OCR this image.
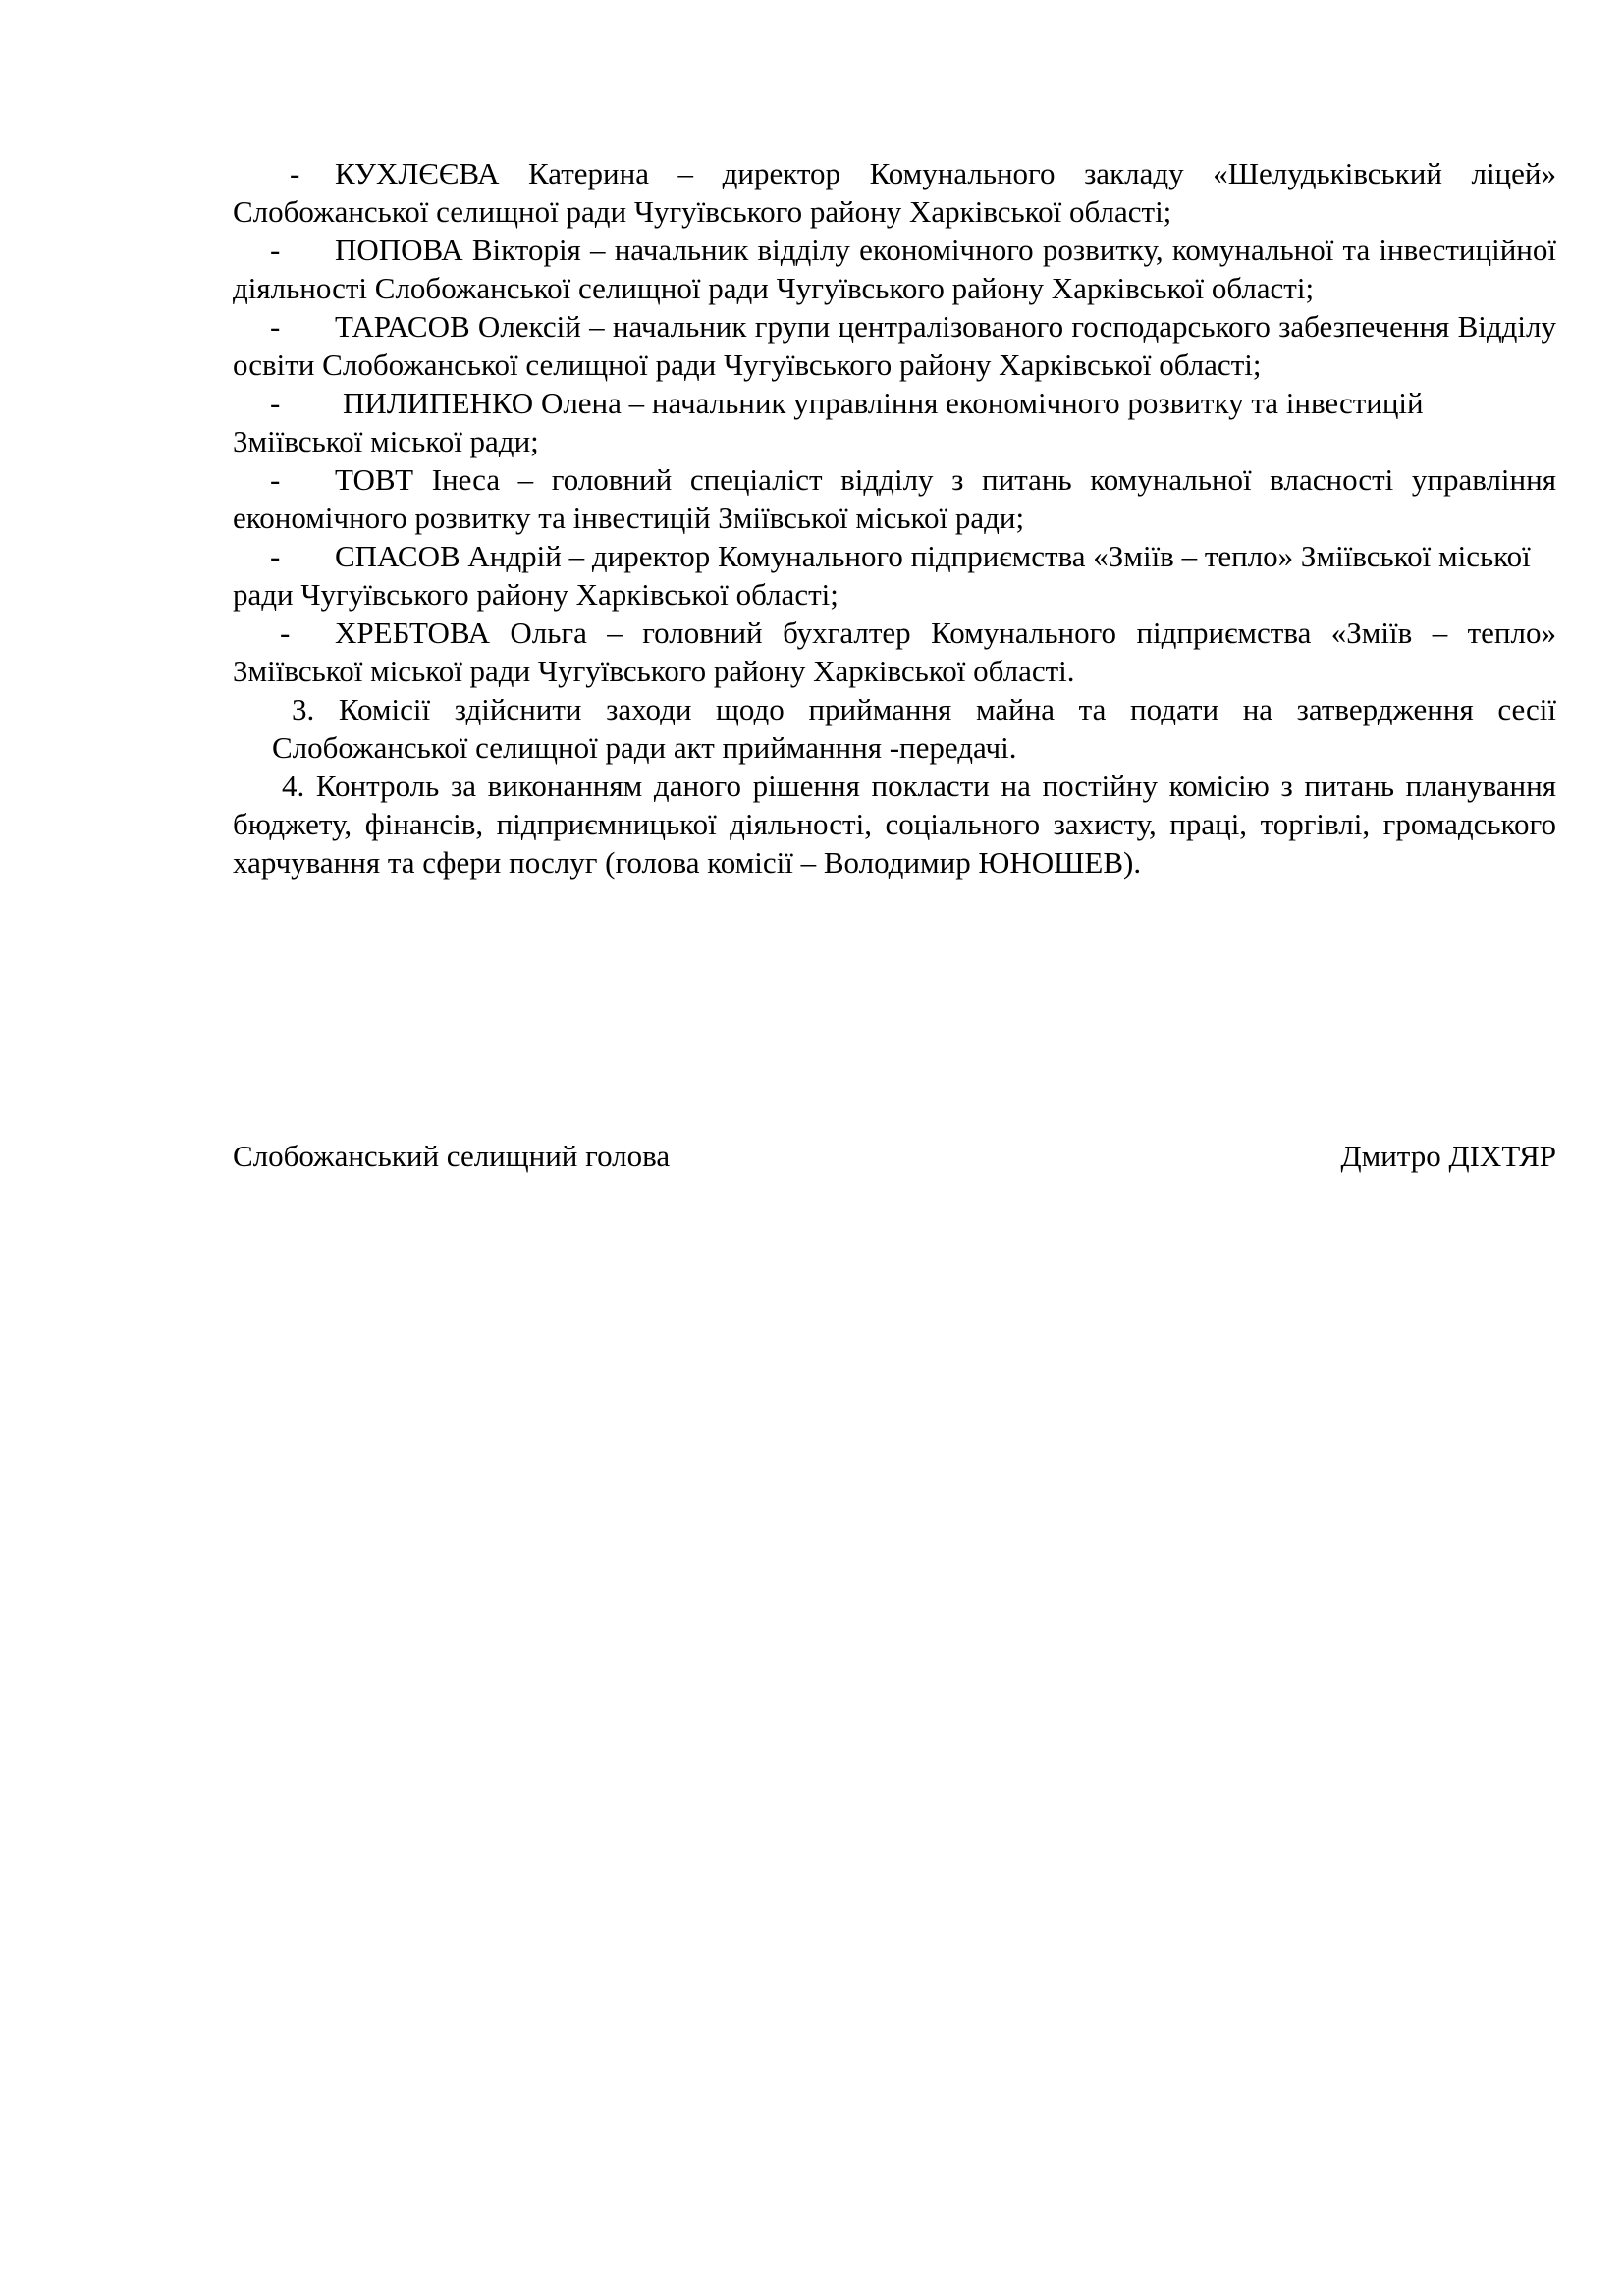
- КУХЛЄЄВА Катерина – директор Комунального закладу «Шелудьківський ліцей» Слобожанської селищної ради Чугуївського району Харківської області;

- ПОПОВА Вікторія – начальник відділу економічного розвитку, комунальної та інвестиційної діяльності Слобожанської селищної ради Чугуївського району Харківської області;

- ТАРАСОВ Олексій – начальник групи централізованого господарського забезпечення Відділу освіти Слобожанської селищної ради Чугуївського району Харківської області;

- ПИЛИПЕНКО Олена – начальник управління економічного розвитку та інвестицій Зміївської міської ради;

- ТОВТ Інеса – головний спеціаліст відділу з питань комунальної власності управління економічного розвитку та інвестицій Зміївської міської ради;

- СПАСОВ Андрій – директор Комунального підприємства «Зміїв – тепло» Зміївської міської ради Чугуївського району Харківської області;

- ХРЕБТОВА Ольга – головний бухгалтер Комунального підприємства «Зміїв – тепло» Зміївської міської ради Чугуївського району Харківської області.

3. Комісії здійснити заходи щодо приймання майна та подати на затвердження сесії Слобожанської селищної ради акт прийманння -передачі.

4. Контроль за виконанням даного рішення покласти на постійну комісію з питань планування бюджету, фінансів, підприємницької діяльності, соціального захисту, праці, торгівлі, громадського харчування та сфери послуг (голова комісії – Володимир ЮНОШЕВ).

Слобожанський селищний голова	Дмитро ДІХТЯР
